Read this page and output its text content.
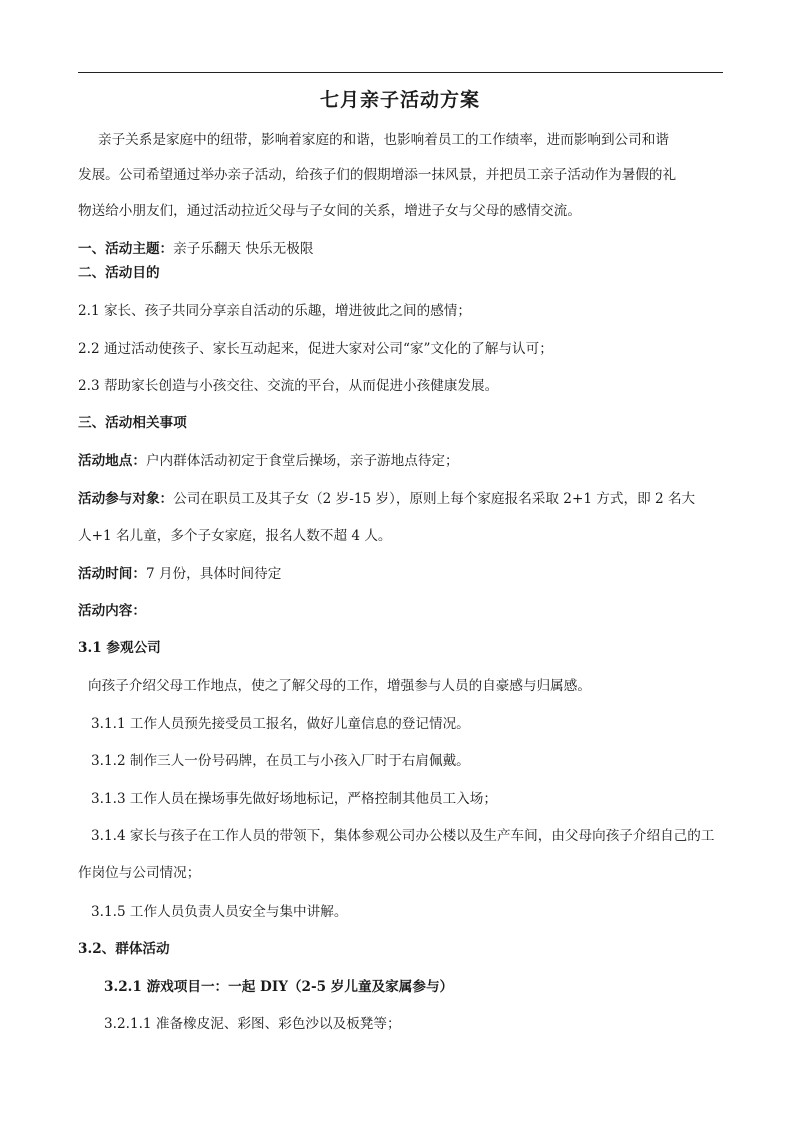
七月亲子活动方案
亲子关系是家庭中的纽带，影响着家庭的和谐，也影响着员工的工作绩率，进而影响到公司和谐
发展。公司希望通过举办亲子活动，给孩子们的假期增添一抹风景，并把员工亲子活动作为暑假的礼
物送给小朋友们，通过活动拉近父母与子女间的关系，增进子女与父母的感情交流。
一、活动主题：亲子乐翻天 快乐无极限
二、活动目的
2.1 家长、孩子共同分享亲自活动的乐趣，增进彼此之间的感情；
2.2 通过活动使孩子、家长互动起来，促进大家对公司“家”文化的了解与认可；
2.3 帮助家长创造与小孩交往、交流的平台，从而促进小孩健康发展。
三、活动相关事项
活动地点：户内群体活动初定于食堂后操场，亲子游地点待定；
活动参与对象：公司在职员工及其子女（2 岁-15 岁），原则上每个家庭报名采取 2+1 方式，即 2 名大
人+1 名儿童，多个子女家庭，报名人数不超 4 人。
活动时间：7 月份，具体时间待定
活动内容：
3.1 参观公司
向孩子介绍父母工作地点，使之了解父母的工作，增强参与人员的自豪感与归属感。
3.1.1 工作人员预先接受员工报名，做好儿童信息的登记情况。
3.1.2 制作三人一份号码牌，在员工与小孩入厂时于右肩佩戴。
3.1.3 工作人员在操场事先做好场地标记，严格控制其他员工入场；
3.1.4 家长与孩子在工作人员的带领下，集体参观公司办公楼以及生产车间，由父母向孩子介绍自己的工
作岗位与公司情况；
3.1.5 工作人员负责人员安全与集中讲解。
3.2、群体活动
3.2.1 游戏项目一：一起 DIY（2-5 岁儿童及家属参与）
3.2.1.1 准备橡皮泥、彩图、彩色沙以及板凳等；
